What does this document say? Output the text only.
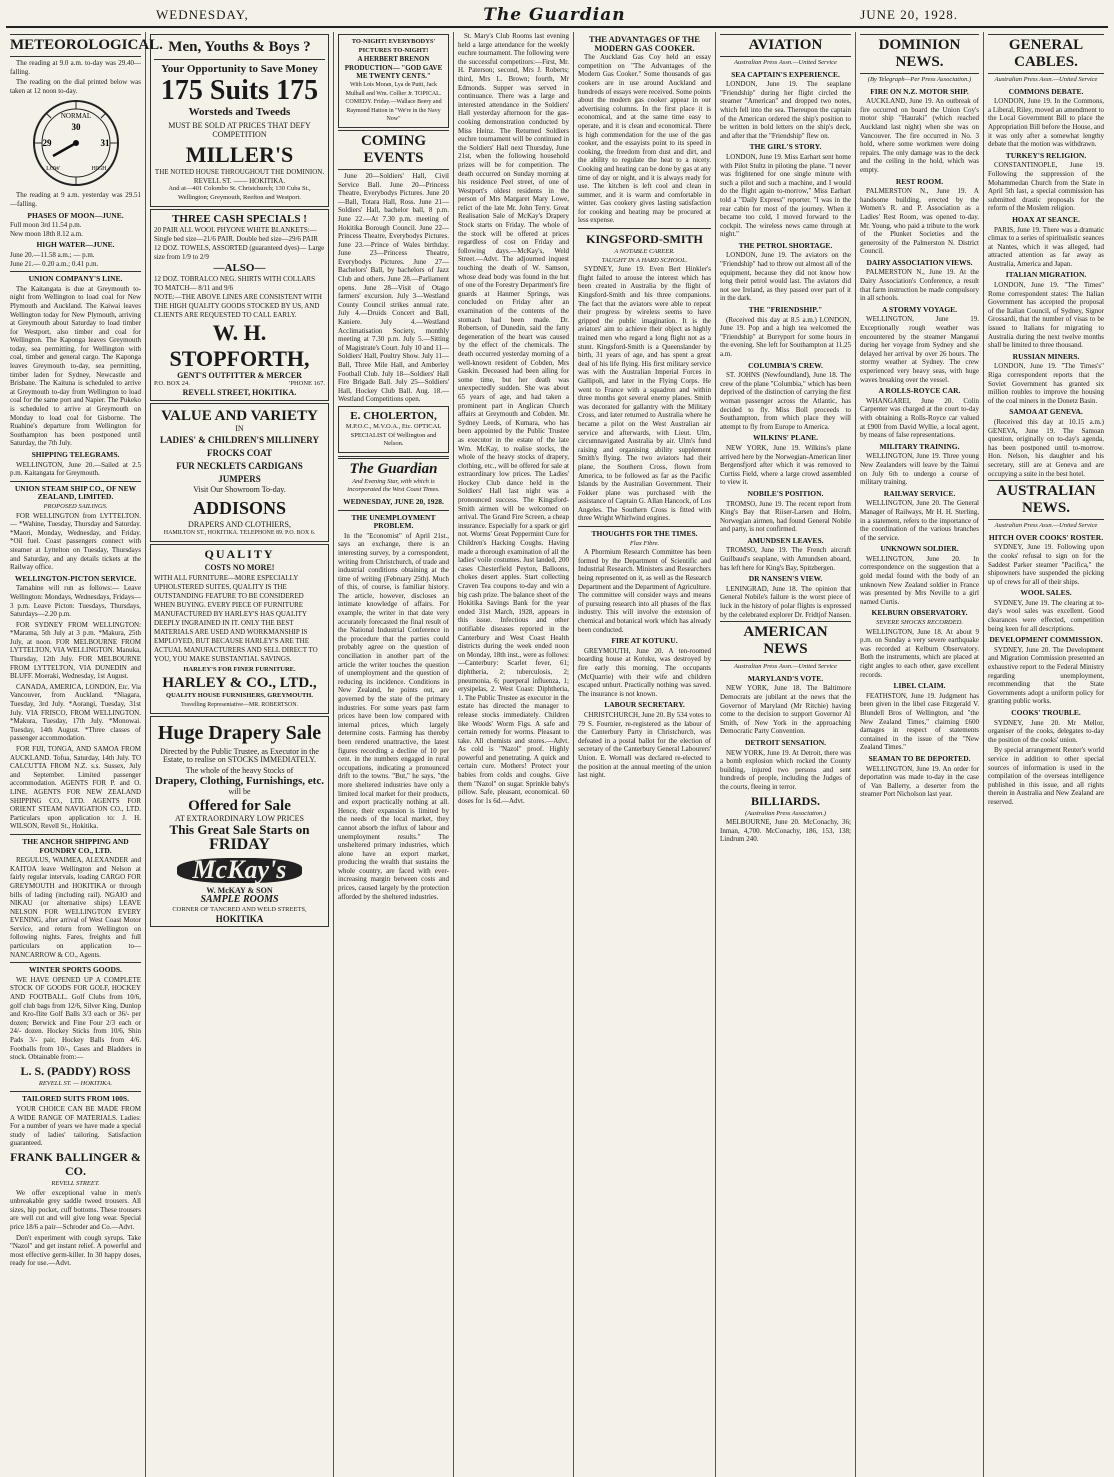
WEDNESDAY,	The Guardian	JUNE 20, 1928.
METEOROLOGICAL.

The reading at 9.0 a.m. to-day was 29.40—falling.

The reading on the dial printed below was taken at 12 noon to-day.

NORMAL
29
30
31
LOW	HIGH

The reading at 9 a.m. yesterday was 29.51—falling.

PHASES OF MOON—JUNE.
Full moon 3rd 11.54 p.m.
New moon 18th 8.12 a.m.
HIGH WATER—JUNE.
June 20.—11.58 a.m.; — p.m.
June 21.— 0.20 a.m.; 0.41 p.m.
UNION COMPANY'S LINE.

The Kaitangata is due at Greymouth to-night from Wellington to load coal for New Plymouth and Auckland. The Kaiwai leaves Wellington today for New Plymouth, arriving at Greymouth about Saturday to load timber for Westport, also timber and coal for Wellington. The Kaponga leaves Greymouth today, sea permitting, for Wellington with coal, timber and general cargo. The Kaponga leaves Greymouth to-day, sea permitting, timber laden for Sydney, Newcastle and Brisbane. The Kaituna is scheduled to arrive at Greymouth to-day from Wellington to load coal for the same port and Napier. The Pukeko is scheduled to arrive at Greymouth on Monday to load coal for Gisborne. The Ruahine's departure from Wellington for Southampton has been postponed until Saturday, the 7th July.

SHIPPING TELEGRAMS.

WELLINGTON, June 20.—Sailed at 2.5 p.m. Kaitangata for Greymouth.

UNION STEAM SHIP CO., OF NEW ZEALAND, LIMITED.
PROPOSED SAILINGS.

FOR WELLINGTON from LYTTELTON.— *Wahine, Tuesday, Thursday and Saturday. *Maori, Monday, Wednesday, and Friday. *Oil fuel. Coast passengers connect with steamer at Lyttelton on Tuesday, Thursdays and Saturday, and any details tickets at the Railway office.

WELLINGTON-PICTON SERVICE.

Tamahine will run as follows:— Leave Wellington: Mondays, Wednesdays, Fridays—3 p.m. Leave Picton: Tuesdays, Thursdays, Saturdays—2.20 p.m.

FOR SYDNEY FROM WELLINGTON: *Marama, 5th July at 3 p.m. *Makura, 25th July, at noon. FOR MELBOURNE FROM LYTTELTON, VIA WELLINGTON. Manuka, Thursday, 12th July. FOR MELBOURNE FROM LYTTELTON, VIA DUNEDIN and BLUFF. Moeraki, Wednesday, 1st August.

CANADA, AMERICA, LONDON, Etc. Via Vancouver, from Auckland. *Niagara, Tuesday, 3rd July. *Aorangi, Tuesday, 31st July. VIA FRISCO, FROM WELLINGTON. *Makura, Tuesday, 17th July. *Monowai. Tuesday, 14th August. *Three classes of passenger accommodation.

FOR FIJI, TONGA, AND SAMOA FROM AUCKLAND. Tofua, Saturday, 14th July. TO CALCUTTA FROM N.Z. s.s. Sussex, July and September. Limited passenger accommodation. AGENTS FOR P. and O. LINE. AGENTS FOR NEW ZEALAND SHIPPING CO., LTD. AGENTS FOR ORIENT STEAM NAVIGATION CO., LTD. Particulars upon application to: J. H. WILSON, Revell St., Hokitika.

THE ANCHOR SHIPPING AND FOUNDRY CO., LTD.

REGULUS, WAIMEA, ALEXANDER and KAITOA leave Wellington and Nelson at fairly regular intervals, loading CARGO FOR GREYMOUTH and HOKITIKA or through bills of lading (including rail). NGAIO and NIKAU (or alternative ships) LEAVE NELSON FOR WELLINGTON EVERY EVENING, after arrival of West Coast Motor Service, and return from Wellington on following nights. Fares, freights and full particulars on application to— NANCARROW & CO., Agents.

WINTER SPORTS GOODS.

WE HAVE OPENED UP A COMPLETE STOCK OF GOODS FOR GOLF, HOCKEY AND FOOTBALL. Golf Clubs from 10/6, golf club bags from 12/6, Silver King, Dunlop and Kro-flite Golf Balls 3/3 each or 36/- per dozen; Berwick and Fine Four 2/3 each or 24/- dozen. Hockey Sticks from 10/6, Shin Pads 3/- pair, Hockey Balls from 4/6. Footballs from 10/-, Cases and Bladders in stock. Obtainable from:—

L. S. (PADDY) ROSS
REVELL ST. — HOKITIKA.
TAILORED SUITS FROM 100S.

YOUR CHOICE CAN BE MADE FROM A WIDE RANGE OF MATERIALS. Ladies: For a number of years we have made a special study of ladies' tailoring. Satisfaction guaranteed.

FRANK BALLINGER & CO.
REVELL STREET.

We offer exceptional value in men's unbreakable grey saddle tweed trousers. All sizes, hip pocket, cuff bottoms. These trousers are well cut and will give long wear. Special price 18/6 a pair—Schroder and Co.—Advt.

Don't experiment with cough syrups. Take "Nazol" and get instant relief. A powerful and most effective germ-killer. In 30 happy doses, ready for use.—Advt.

Men, Youths & Boys ?
Your Opportunity to Save Money
175 Suits 175
Worsteds and Tweeds
MUST BE SOLD AT PRICES THAT DEFY COMPETITION
MILLER'S
THE NOTED HOUSE THROUGHOUT THE DOMINION.
REVELL ST. —— HOKITIKA.
And at—401 Colombo St. Christchurch; 130 Cuba St., Wellington; Greymouth, Reefton and Westport.
THREE CASH SPECIALS !
20 PAIR ALL WOOL PHYONE WHITE BLANKETS:— Single bed size—21/6 PAIR. Double bed size—29/6 PAIR
12 DOZ. TOWELS, ASSORTED (guaranteed dyes)— Large size from 1/9 to 2/9
—ALSO—
12 DOZ. TOBRALCO NEG. SHIRTS WITH COLLARS TO MATCH— 8/11 and 9/6
NOTE:—THE ABOVE LINES ARE CONSISTENT WITH THE HIGH QUALITY GOODS STOCKED BY US, AND CLIENTS ARE REQUESTED TO CALL EARLY.
W. H. STOPFORTH,
GENT'S OUTFITTER & MERCER
P.O. BOX 24.	'PHONE 167.
REVELL STREET, HOKITIKA.
VALUE AND VARIETY
IN
LADIES' & CHILDREN'S MILLINERY
FROCKS COAT
FUR NECKLETS CARDIGANS
JUMPERS
Visit Our Showroom To-day.
ADDISONS
DRAPERS AND CLOTHIERS,
HAMILTON ST., HOKITIKA. TELEPHONE 89. P.O. BOX 6.
QUALITY
COSTS NO MORE!
WITH ALL FURNITURE—MORE ESPECIALLY UPHOLSTERED SUITES, QUALITY IS THE OUTSTANDING FEATURE TO BE CONSIDERED WHEN BUYING. EVERY PIECE OF FURNITURE MANUFACTURED BY HARLEY'S HAS QUALITY DEEPLY INGRAINED IN IT. ONLY THE BEST MATERIALS ARE USED AND WORKMANSHIP IS EMPLOYED, BUT BECAUSE HARLEY'S ARE THE ACTUAL MANUFACTURERS AND SELL DIRECT TO YOU, YOU MAKE SUBSTANTIAL SAVINGS.
HARLEY'S FOR FINER FURNITURE.
HARLEY & CO., LTD.,
QUALITY HOUSE FURNISHERS, GREYMOUTH.
Travelling Representative—MR. ROBERTSON.
Huge Drapery Sale
Directed by the Public Trustee, as Executor in the Estate, to realise on STOCKS IMMEDIATELY.
The whole of the heavy Stocks of
Drapery, Clothing, Furnishings, etc.
will be
Offered for Sale
AT EXTRAORDINARY LOW PRICES
This Great Sale Starts on
FRIDAY
McKay's
W. McKAY & SON
SAMPLE ROOMS
CORNER OF TANCRED AND WELD STREETS,
HOKITIKA
TO-NIGHT! EVERYBODYS' PICTURES TO-NIGHT!
A HERBERT BRENON PRODUCTION— "GOD GAVE ME TWENTY CENTS."
With Lois Moran, Lya de Putti, Jack Mulhall and Wm. Collier Jr. TOPICAL. COMEDY. Friday.—Wallace Beery and Raymond Hatton in "We're in the Navy Now"
COMING EVENTS

June 20—Soldiers' Hall, Civil Service Ball. June 20—Princess Theatre, Everybodys Pictures. June 20—Ball, Totara Hall, Ross. June 21—Soldiers' Hall, bachelor ball, 8 p.m. June 22.—At 7.30 p.m. meeting of Hokitika Borough Council. June 22—Princess Theatre, Everybodys Pictures. June 23.—Prince of Wales birthday. June 23—Princess Theatre, Everybodys Pictures. June 27—Bachelors' Ball, by bachelors of Jazz Club and others. June 28.—Parliament opens. June 28—Visit of Otago farmers' excursion. July 3—Westland County Council strikes annual rate. July 4.—Druids Concert and Ball, Kaniere. July 4.—Westland Acclimatisation Society, monthly meeting at 7.30 p.m. July 5.—Sitting of Magistrate's Court. July 10 and 11—Soldiers' Hall, Poultry Show. July 11—Ball, Three Mile Hall, and Amberley Football Club. July 18—Soldiers' Hall Fire Brigade Ball. July 25—Soldiers' Hall, Hockey Club Ball. Aug. 18.—Westland Competitions open.

E. CHOLERTON,
M.P.O.C., M.V.O.A., Etc. OPTICAL SPECIALIST Of Wellington and Nelson.
The Guardian
And Evening Star, with which is incorporated the West Coast Times.
WEDNESDAY, JUNE 20, 1928.
THE UNEMPLOYMENT PROBLEM.

In the "Economist" of April 21st., says an exchange, there is an interesting survey, by a correspondent, writing from Christchurch, of trade and industrial conditions obtaining at the time of writing (February 25th). Much of this, of course, is familiar history. The article, however, discloses an intimate knowledge of affairs. For example, the writer in that date very accurately forecasted the final result of the National Industrial Conference in the procedure that the parties could probably agree on the question of conciliation in another part of the article the writer touches the question of unemployment and the question of reducing its incidence. Conditions in New Zealand, he points out, are governed by the state of the primary industries. For some years past farm prices have been low compared with internal prices, which largely determine costs. Farming has thereby been rendered unattractive, the latest figures recording a decline of 10 per cent. in the numbers engaged in rural occupations, indicating a pronounced drift to the towns. "But," he says, "the more sheltered industries have only a limited local market for their products, and export practically nothing at all. Hence, their expansion is limited by the needs of the local market, they cannot absorb the influx of labour and unemployment results." The unsheltered primary industries, which alone have an export market, producing the wealth that sustains the whole country, are faced with ever-increasing margin between costs and prices, caused largely by the protection afforded by the sheltered industries.

St. Mary's Club Rooms last evening held a large attendance for the weekly euchre tournament. The following were the successful competitors:—First, Mr. H. Paterson; second, Mrs J. Roberts; third, Mrs L. Brown; fourth, Mr Edmonds. Supper was served in continuance. There was a large and interested attendance in the Soldiers' Hall yesterday afternoon for the gas-cooking demonstration conducted by Miss Heinz. The Returned Soldiers euchre tournament will be continued in the Soldiers' Hall next Thursday, June 21st, when the following household prizes will be for competition. The death occurred on Sunday morning at his residence Peel street, of one of Westport's oldest residents in the person of Mrs Margaret Mary Lowe, relict of the late Mr. John Terry. Great Realisation Sale of McKay's Drapery Stock starts on Friday. The whole of the stock will be offered at prices regardless of cost on Friday and following days.—McKay's, Weld Street.—Advt. The adjourned inquest touching the death of W. Samson, whose dead body was found in the hut of one of the Forestry Department's fire guards at Hanmer Springs, was concluded on Friday after an examination of the contents of the stomach had been made. Dr. Robertson, of Dunedin, said the fatty degeneration of the heart was caused by the effect of the chemicals. The death occurred yesterday morning of a well-known resident of Cobden, Mrs Gaskin. Deceased had been ailing for some time, but her death was unexpectedly sudden. She was about 65 years of age, and had taken a prominent part in Anglican Church affairs at Greymouth and Cobden. Mr. Sydney Leeds, of Kumara, who has been appointed by the Public Trustee as executor in the estate of the late Wm. McKay, to realise stocks, the whole of the heavy stocks of drapery, clothing, etc., will be offered for sale at extraordinary low prices. The Ladies' Hockey Club dance held in the Soldiers' Hall last night was a pronounced success. The Kingsford-Smith airmen will be welcomed on arrival. The Grand Fire Screen, a cheap insurance. Especially for a spark or girl not. Worms' Great Peppermint Cure for Children's Hacking Coughs. Having made a thorough examination of all the ladies' voile costumes. Just landed, 200 cases Chesterfield Peyton, Balloons, chokes desert apples. Start collecting Craven Tea coupons to-day and win a big cash prize. The balance sheet of the Hokitika Savings Bank for the year ended 31st March, 1928, appears in this issue. Infectious and other notifiable diseases reported in the Canterbury and West Coast Health districts during the week ended noon on Monday, 18th inst., were as follows:—Canterbury: Scarlet fever, 61; diphtheria, 2; tuberculosis, 2; pneumonia, 6; puerperal influenza, 1; erysipelas, 2. West Coast: Diphtheria, 1. The Public Trustee as executor in the estate has directed the manager to release stocks immediately. Children like Woods' Worm Figs. A safe and certain remedy for worms. Pleasant to take. All chemists and stores.—Advt. As cold is "Nazol" proof. Highly powerful and penetrating. A quick and certain cure. Mothers! Protect your babies from colds and coughs. Give them "Nazol" on sugar. Sprinkle baby's pillow. Safe, pleasant, economical. 60 doses for 1s 6d.—Advt.

THE ADVANTAGES OF THE MODERN GAS COOKER.

The Auckland Gas Coy held an essay competition on "The Advantages of the Modern Gas Cooker." Some thousands of gas cookers are in use around Auckland and hundreds of essays were received. Some points about the modern gas cooker appear in our advertising columns. In the first place it is economical, and at the same time easy to operate, and it is clean and economical. There is high commendation for the use of the gas cooker, and the essayists point to its speed in cooking, the freedom from dust and dirt, and the ability to regulate the heat to a nicety. Cooking and heating can be done by gas at any time of day or night, and it is always ready for use. The kitchen is left cool and clean in summer, and it is warm and comfortable in winter. Gas cookery gives lasting satisfaction for cooking and heating may be procured at less expense.

KINGSFORD-SMITH
A NOTABLE CAREER.
TAUGHT IN A HARD SCHOOL.

SYDNEY, June 19. Even Bert Hinkler's flight failed to arouse the interest which has been created in Australia by the flight of Kingsford-Smith and his three companions. The fact that the aviators were able to repeat their progress by wireless seems to have gripped the public imagination. It is the aviators' aim to achieve their object as highly trained men who regard a long flight not as a stunt. Kingsford-Smith is a Queenslander by birth, 31 years of age, and has spent a great deal of his life flying. His first military service was with the Australian Imperial Forces in Gallipoli, and later in the Flying Corps. He went to France with a squadron and within three months got several enemy planes. Smith was decorated for gallantry with the Military Cross, and later returned to Australia where he became a pilot on the West Australian air service and afterwards, with Lieut. Ulm, circumnavigated Australia by air. Ulm's fund raising and organising ability supplement Smith's flying. The two aviators had their plane, the Southern Cross, flown from America, to be followed as far as the Pacific Islands by the Australian Government. Their Fokker plane was purchased with the assistance of Captain G. Allan Hancock, of Los Angeles. The Southern Cross is fitted with three Wright Whirlwind engines.

THOUGHTS FOR THE TIMES.
Flax Fibre.

A Phormium Research Committee has been formed by the Department of Scientific and Industrial Research. Ministers and Researchers being represented on it, as well as the Research Department and the Department of Agriculture. The committee will consider ways and means of pursuing research into all phases of the flax industry. This will involve the extension of chemical and botanical work which has already been conducted.

FIRE AT KOTUKU.

GREYMOUTH, June 20. A ten-roomed boarding house at Kotuku, was destroyed by fire early this morning. The occupants (McQuarrie) with their wife and children escaped unhurt. Practically nothing was saved. The insurance is not known.

LABOUR SECRETARY.

CHRISTCHURCH, June 20. By 534 votes to 79 S. Fournier, re-registered as the labour of the Canterbury Party in Christchurch, was defeated in a postal ballot for the election of secretary of the Canterbury General Labourers' Union. E. Wornall was declared re-elected to the position at the annual meeting of the union last night.

AVIATION
Australian Press Assn.—United Service
SEA CAPTAIN'S EXPERIENCE.

LONDON, June 19. The seaplane "Friendship" during her flight circled the steamer "American" and dropped two notes, which fell into the sea. Thereupon the captain of the American ordered the ship's position to be written in bold letters on the ship's deck, and after that the "Friendship" flew on.

THE GIRL'S STORY.

LONDON, June 19. Miss Earhart sent home with Pilot Stultz in piloting the plane. "I never was frightened for one single minute with such a pilot and such a machine, and I would do the flight again to-morrow," Miss Earhart told a "Daily Express" reporter. "I was in the rear cabin for most of the journey. When it became too cold, I moved forward to the cockpit. The wireless news came through at night."

THE PETROL SHORTAGE.

LONDON, June 19. The aviators on the "Friendship" had to throw out almost all of the equipment, because they did not know how long their petrol would last. The aviators did not see Ireland, as they passed over part of it in the dark.

THE "FRIENDSHIP."

(Received this day at 8.5 a.m.) LONDON, June 19. Pop and a high tea welcomed the "Friendship" at Burryport for some hours in the evening. She left for Southampton at 11.25 a.m.

COLUMBIA'S CREW.

ST. JOHNS (Newfoundland), June 18. The crew of the plane "Columbia," which has been deprived of the distinction of carrying the first woman passenger across the Atlantic, has decided to fly. Miss Boll proceeds to Southampton, from which place they will attempt to fly from Europe to America.

WILKINS' PLANE.

NEW YORK, June 19. Wilkins's plane arrived here by the Norwegian-American liner Bergensfjord after which it was removed to Curtiss Field, where a large crowd assembled to view it.

NOBILE'S POSITION.

TROMSO, June 19. The recent report from King's Bay that Riiser-Larsen and Holm, Norwegian airmen, had found General Nobile and party, is not confirmed.

AMUNDSEN LEAVES.

TROMSO, June 19. The French aircraft Guilbaud's seaplane, with Amundsen aboard, has left here for King's Bay, Spitzbergen.

DR NANSEN'S VIEW.

LENINGRAD, June 18. The opinion that General Nobile's failure is the worst piece of luck in the history of polar flights is expressed by the celebrated explorer Dr. Fridtjof Nansen.

AMERICAN NEWS
Australian Press Assn.—United Service
MARYLAND'S VOTE.

NEW YORK, June 18. The Baltimore Democrats are jubilant at the news that the Governor of Maryland (Mr Ritchie) having come to the decision to support Governor Al Smith, of New York in the approaching Democratic Party Convention.

DETROIT SENSATION.

NEW YORK, June 19. At Detroit, there was a bomb explosion which rocked the County building, injured two persons and sent hundreds of people, including the Judges of the courts, fleeing in terror.

BILLIARDS.
(Australian Press Association.)

MELBOURNE, June 20. McConachy, 36; Inman, 4,700. McConachy, 186, 153, 138; Lindrum 240.

DOMINION NEWS.
(By Telegraph—Per Press Association.)
FIRE ON N.Z. MOTOR SHIP.

AUCKLAND, June 19. An outbreak of fire occurred on board the Union Coy's motor ship "Hauraki" (which reached Auckland last night) when she was on Vancouver. The fire occurred in No. 3 hold, where some workmen were doing repairs. The only damage was to the deck and the ceiling in the hold, which was empty.

REST ROOM.

PALMERSTON N., June 19. A handsome building, erected by the Women's R. and P. Association as a Ladies' Rest Room, was opened to-day. Mr. Young, who paid a tribute to the work of the Plunket Societies and the generosity of the Palmerston N. District Council.

DAIRY ASSOCIATION VIEWS.

PALMERSTON N., June 19. At the Dairy Association's Conference, a result that farm instruction be made compulsory in all schools.

A STORMY VOYAGE.

WELLINGTON, June 19. Exceptionally rough weather was encountered by the steamer Manganui during her voyage from Sydney and she delayed her arrival by over 26 hours. The stormy weather at Sydney. The crew experienced very heavy seas, with huge waves breaking over the vessel.

A ROLLS-ROYCE CAR.

WHANGAREI, June 20. Colin Carpenter was charged at the court to-day with obtaining a Rolls-Royce car valued at £900 from David Wyllie, a local agent, by means of false representations.

MILITARY TRAINING.

WELLINGTON, June 19. Three young New Zealanders will leave by the Tainui on July 6th to undergo a course of military training.

RAILWAY SERVICE.

WELLINGTON, June 20. The General Manager of Railways, Mr H. H. Sterling, in a statement, refers to the importance of the coordination of the various branches of the service.

UNKNOWN SOLDIER.

WELLINGTON, June 20. In correspondence on the suggestion that a gold medal found with the body of an unknown New Zealand soldier in France was presented by Mrs Neville to a girl named Curtis.

KELBURN OBSERVATORY.
SEVERE SHOCKS RECORDED.

WELLINGTON, June 18. At about 9 p.m. on Sunday a very severe earthquake was recorded at Kelburn Observatory. Both the instruments, which are placed at right angles to each other, gave excellent records.

LIBEL CLAIM.

FEATHSTON, June 19. Judgment has been given in the libel case Fitzgerald V. Blundell Bros of Wellington, and "the New Zealand Times," claiming £600 damages in respect of statements contained in the issue of the "New Zealand Times."

SEAMAN TO BE DEPORTED.

WELLINGTON, June 19. An order for deportation was made to-day in the case of Van Ballerty, a deserter from the steamer Port Nicholson last year.

GENERAL CABLES.
Australian Press Assn.—United Service
COMMONS DEBATE.

LONDON, June 19. In the Commons, a Liberal, Riley, moved an amendment to the Local Government Bill to place the Appropriation Bill before the House, and it was only after a somewhat lengthy debate that the motion was withdrawn.

TURKEY'S RELIGION.

CONSTANTINOPLE, June 19. Following the suppression of the Mohammedan Church from the State in April 5th last, a special commission has submitted drastic proposals for the reform of the Moslem religion.

HOAX AT SEANCE.

PARIS, June 19. There was a dramatic climax to a series of spiritualistic seances at Nantes, which it was alleged, had attracted attention as far away as Australia, America and Japan.

ITALIAN MIGRATION.

LONDON, June 19. "The Times" Rome correspondent states: The Italian Government has accepted the proposal of the Italian Council, of Sydney, Signor Grossardi, that the number of visas to be issued to Italians for migrating to Australia during the next twelve months shall be limited to three thousand.

RUSSIAN MINERS.

LONDON, June 19. "The Times's" Riga correspondent reports that the Soviet Government has granted six million roubles to improve the housing of the coal miners in the Donetz Basin.

SAMOA AT GENEVA.

(Received this day at 10.15 a.m.) GENEVA, June 19. The Samoan question, originally on to-day's agenda, has been postponed until to-morrow. Hon. Nelson, his daughter and his secretary, still are at Geneva and are occupying a suite in the best hotel.

AUSTRALIAN NEWS.
Australian Press Assn.—United Service
HITCH OVER COOKS' ROSTER.

SYDNEY, June 19. Following upon the cooks' refusal to sign on for the Saddest Parker steamer "Pacifica," the shipowners have suspended the picking up of crews for all of their ships.

WOOL SALES.

SYDNEY, June 19. The clearing at to-day's wool sales was excellent. Good clearances were effected, competition being keen for all descriptions.

DEVELOPMENT COMMISSION.

SYDNEY, June 20. The Development and Migration Commission presented an exhaustive report to the Federal Ministry regarding unemployment, recommending that the State Governments adopt a uniform policy for granting public works.

COOKS' TROUBLE.

SYDNEY, June 20. Mr Mellor, organiser of the cooks, delegates to-day the position of the cooks' union.

By special arrangement Reuter's world service in addition to other special sources of information is used in the compilation of the overseas intelligence published in this issue, and all rights therein in Australia and New Zealand are reserved.
